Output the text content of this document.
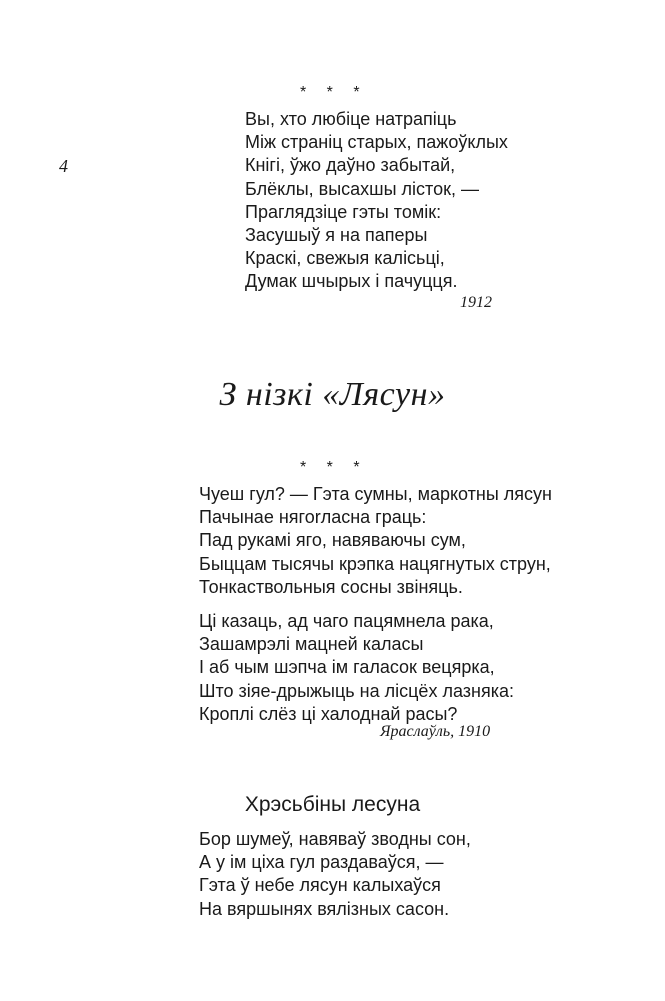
4
* * *
Вы, хто любіце натрапіць
Між страніц старых, пажоўклых
Кнігі, ўжо даўно забытай,
Блёклы, высахшы лісток, —
Праглядзіце гэты томік:
Засушыў я на паперы
Краскі, свежыя калісьці,
Думак шчырых і пачуцця.
1912
З нізкі «Лясун»
* * *
Чуеш гул? — Гэта сумны, маркотны лясун
Пачынае нягоrласна граць:
Пад рукамі яго, навяваючы сум,
Быццам тысячы крэпка нацягнутых струн,
Тонкаствольныя сосны звіняць.
Ці казаць, ад чаго пацямнела рака,
Зашамрэлі мацней каласы
І аб чым шэпча ім галасок вецярка,
Што зіяе-дрыжыць на лісцёх лазняка:
Кроплі слёз ці халоднай расы?
Ярaслаўль, 1910
Хрэсьбіны лесуна
Бор шумеў, навяваў зводны сон,
А у ім ціха гул раздаваўся, —
Гэта ў небе лясун калыхаўся
На вяршынях вялізных сасон.
